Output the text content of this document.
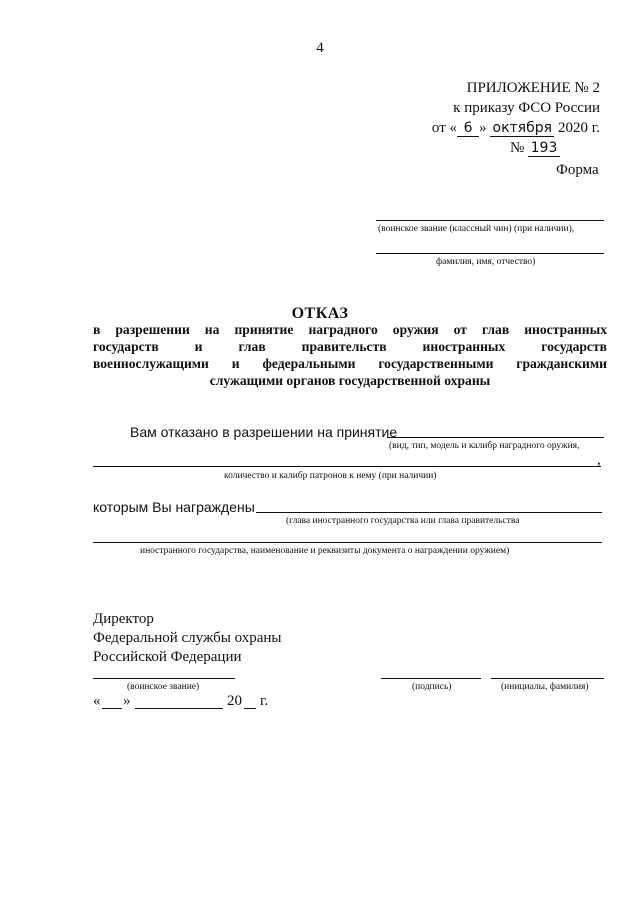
4
ПРИЛОЖЕНИЕ № 2
к приказу ФСО России
от « 6 » октября 2020 г.
№ 193
Форма
(воинское звание (классный чин) (при наличии),
фамилия, имя, отчество)
ОТКАЗ
в разрешении на принятие наградного оружия от глав иностранных
государств и глав правительств иностранных государств
военнослужащими и федеральными государственными гражданскими
служащими органов государственной охраны
Вам отказано в разрешении на принятие
(вид, тип, модель и калибр наградного оружия,
,
количество и калибр патронов к нему (при наличии)
которым Вы награждены
(глава иностранного государства или глава правительства
иностранного государства, наименование и реквизиты документа о награждении оружием)
Директор
Федеральной службы охраны
Российской Федерации
(воинское звание)	(подпись)	(инициалы, фамилия)
« »	20 г.
